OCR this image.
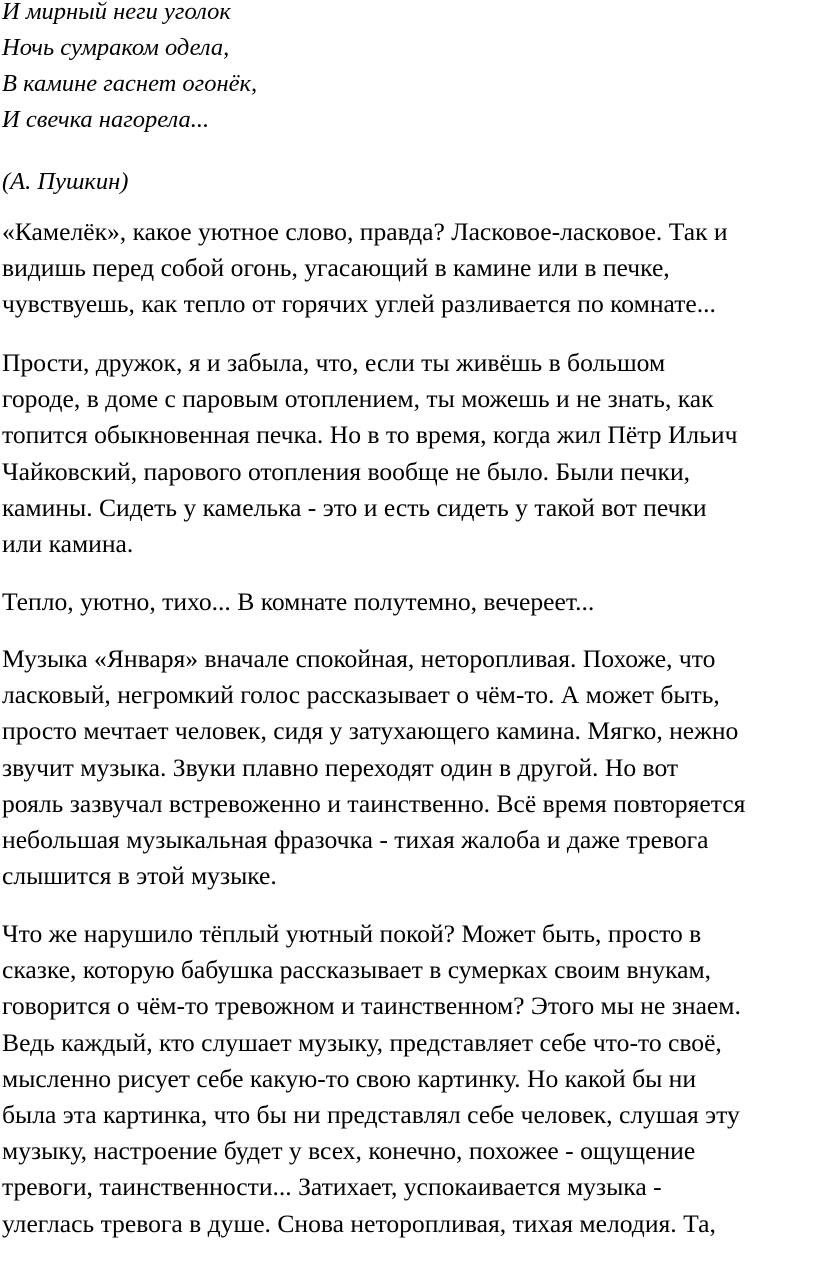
И мирный неги уголок
Ночь сумраком одела,
В камине гаснет огонёк,
И свечка нагорела...
(А. Пушкин)
«Камелёк», какое уютное слово, правда? Ласковое-ласковое. Так и
видишь перед собой огонь, угасающий в камине или в печке,
чувствуешь, как тепло от горячих углей разливается по комнате...
Прости, дружок, я и забыла, что, если ты живёшь в большом
городе, в доме с паровым отоплением, ты можешь и не знать, как
топится обыкновенная печка. Но в то время, когда жил Пётр Ильич
Чайковский, парового отопления вообще не было. Были печки,
камины. Сидеть у камелька - это и есть сидеть у такой вот печки
или камина.
Тепло, уютно, тихо... В комнате полутемно, вечереет...
Музыка «Января» вначале спокойная, неторопливая. Похоже, что
ласковый, негромкий голос рассказывает о чём-то. А может быть,
просто мечтает человек, сидя у затухающего камина. Мягко, нежно
звучит музыка. Звуки плавно переходят один в другой. Но вот
рояль зазвучал встревоженно и таинственно. Всё время повторяется
небольшая музыкальная фразочка - тихая жалоба и даже тревога
слышится в этой музыке.
Что же нарушило тёплый уютный покой? Может быть, просто в
сказке, которую бабушка рассказывает в сумерках своим внукам,
говорится о чём-то тревожном и таинственном? Этого мы не знаем.
Ведь каждый, кто слушает музыку, представляет себе что-то своё,
мысленно рисует себе какую-то свою картинку. Но какой бы ни
была эта картинка, что бы ни представлял себе человек, слушая эту
музыку, настроение будет у всех, конечно, похожее - ощущение
тревоги, таинственности... Затихает, успокаивается музыка -
улеглась тревога в душе. Снова неторопливая, тихая мелодия. Та,
